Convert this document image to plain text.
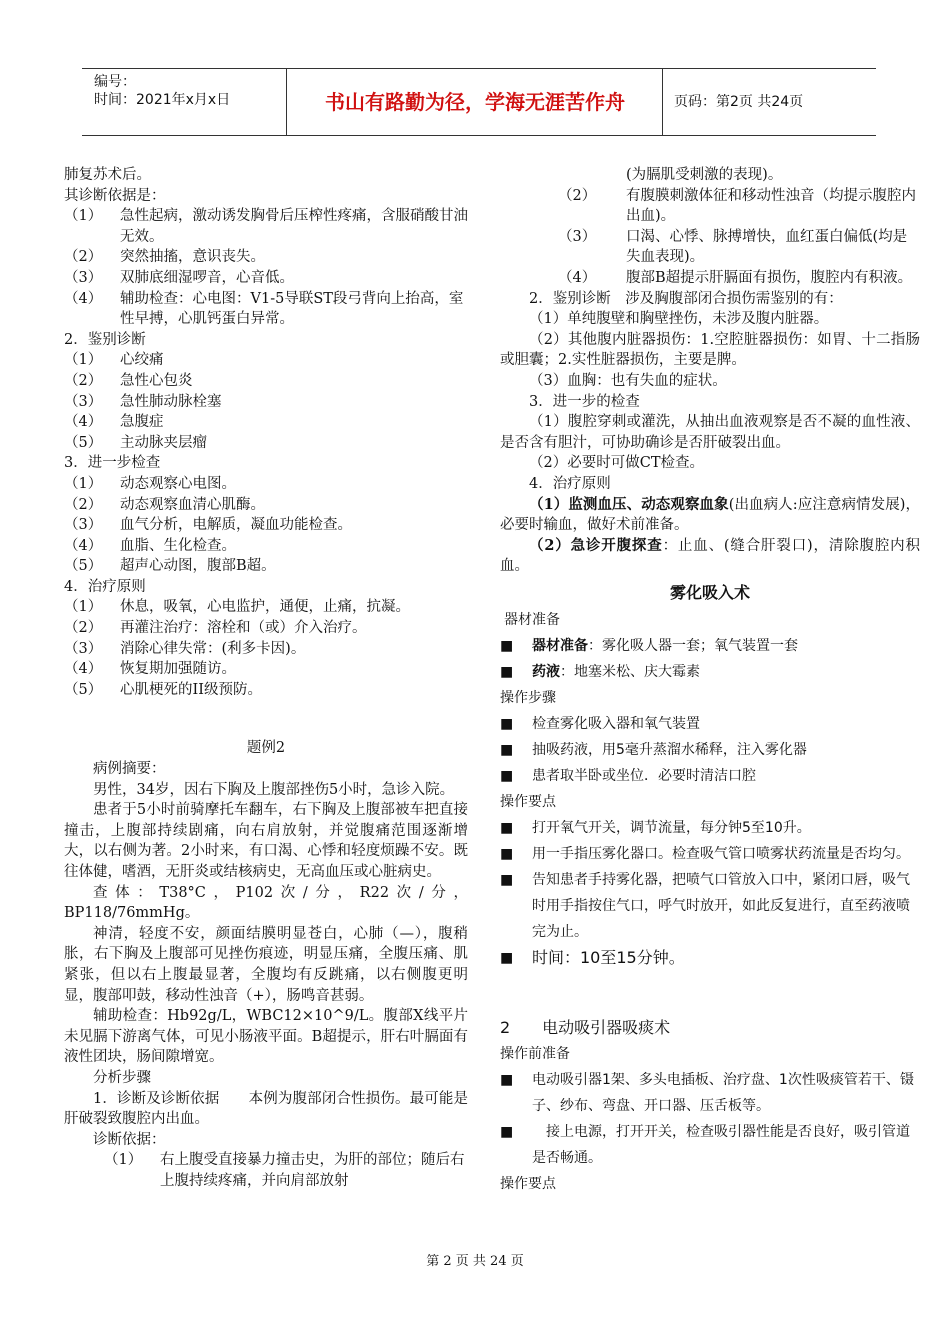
编号：
时间：2021年x月x日	书山有路勤为径，学海无涯苦作舟	页码：第2页 共24页

肺复苏术后。

其诊断依据是：

（1）	急性起病，激动诱发胸骨后压榨性疼痛，含服硝酸甘油无效。
（2）	突然抽搐，意识丧失。
（3）	双肺底细湿啰音，心音低。
（4）	辅助检查：心电图：V1-5导联ST段弓背向上抬高，室性早搏，心肌钙蛋白异常。

2．鉴别诊断

（1）	心绞痛
（2）	急性心包炎
（3）	急性肺动脉栓塞
（4）	急腹症
（5）	主动脉夹层瘤

3．进一步检查

（1）	动态观察心电图。
（2）	动态观察血清心肌酶。
（3）	血气分析，电解质，凝血功能检查。
（4）	血脂、生化检查。
（5）	超声心动图，腹部B超。

4．治疗原则

（1）	休息，吸氧，心电监护，通便，止痛，抗凝。
（2）	再灌注治疗：溶栓和（或）介入治疗。
（3）	消除心律失常：(利多卡因)。
（4）	恢复期加强随访。
（5）	心肌梗死的II级预防。

题例2

病例摘要：

男性，34岁，因右下胸及上腹部挫伤5小时，急诊入院。

患者于5小时前骑摩托车翻车，右下胸及上腹部被车把直接撞击，上腹部持续剧痛，向右肩放射，并觉腹痛范围逐渐增大，以右侧为著。2小时来，有口渴、心悸和轻度烦躁不安。既往体健，嗜酒，无肝炎或结核病史，无高血压或心脏病史。

查体：T38°C，P102次/分，R22次/分，BP118/76mmHg。

神清，轻度不安，颜面结膜明显苍白，心肺（—），腹稍胀，右下胸及上腹部可见挫伤痕迹，明显压痛，全腹压痛、肌紧张，但以右上腹最显著，全腹均有反跳痛，以右侧腹更明显，腹部叩鼓，移动性浊音（+），肠鸣音甚弱。

辅助检查：Hb92g/L，WBC12×10^9/L。腹部X线平片未见膈下游离气体，可见小肠液平面。B超提示，肝右叶膈面有液性团块，肠间隙增宽。

分析步骤

1．诊断及诊断依据　　本例为腹部闭合性损伤。最可能是肝破裂致腹腔内出血。

诊断依据：

（1）	右上腹受直接暴力撞击史，为肝的部位；随后右上腹持续疼痛，并向肩部放射

(为膈肌受刺激的表现)。

（2）	有腹膜刺激体征和移动性浊音（均提示腹腔内出血)。
（3）	口渴、心悸、脉搏增快，血红蛋白偏低(均是失血表现)。
（4）	腹部B超提示肝膈面有损伤，腹腔内有积液。

2．鉴别诊断　涉及胸腹部闭合损伤需鉴别的有：

（1）单纯腹壁和胸壁挫伤，未涉及腹内脏器。

（2）其他腹内脏器损伤：1.空腔脏器损伤：如胃、十二指肠或胆囊；2.实性脏器损伤，主要是脾。

（3）血胸：也有失血的症状。

3．进一步的检查

（1）腹腔穿刺或灌洗，从抽出血液观察是否不凝的血性液、是否含有胆汁，可协助确诊是否肝破裂出血。

（2）必要时可做CT检查。

4．治疗原则

（1）监测血压、动态观察血象(出血病人:应注意病情发展)，必要时输血，做好术前准备。

（2）急诊开腹探查：止血、(缝合肝裂口)，清除腹腔内积血。

雾化吸入术

器材准备

■	器材准备：雾化吸人器一套；氧气装置一套
■	药液：地塞米松、庆大霉素

操作步骤

■	检查雾化吸入器和氧气装置
■	抽吸药液，用5毫升蒸溜水稀释，注入雾化器
■	患者取半卧或坐位．必要时清洁口腔

操作要点

■	打开氧气开关，调节流量，每分钟5至10升。
■	用一手指压雾化器口。检查吸气管口喷雾状药流量是否均匀。
■	告知患者手持雾化器，把喷气口管放入口中，紧闭口唇，吸气时用手指按住气口，呼气时放开，如此反复进行，直至药液喷完为止。
■	时间：10至15分钟。

2　　电动吸引器吸痰术

操作前准备

■	电动吸引器1架、多头电插板、治疗盘、1次性吸痰管若干、镊子、纱布、弯盘、开口器、压舌板等。
■	　接上电源，打开开关，检查吸引器性能是否良好，吸引管道是否畅通。

操作要点

第 2 页 共 24 页
